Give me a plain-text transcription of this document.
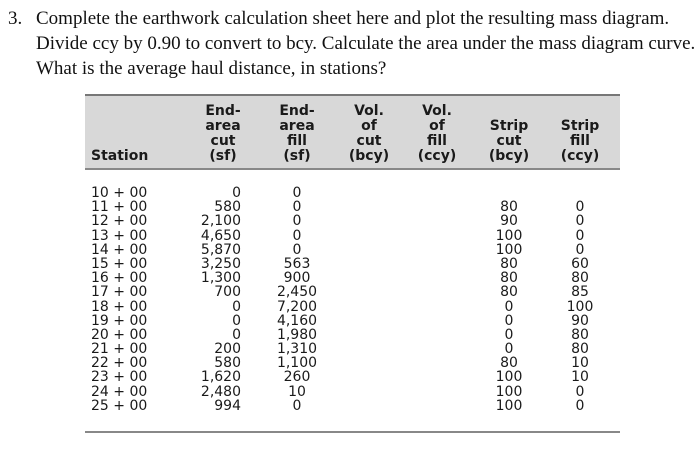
3. Complete the earthwork calculation sheet here and plot the resulting mass diagram.
Divide ccy by 0.90 to convert to bcy. Calculate the area under the mass diagram curve.
What is the average haul distance, in stations?
Station
End-
area
cut
(sf)
End-
area
fill
(sf)
Vol.
of
cut
(bcy)
Vol.
of
fill
(ccy)
Strip
cut
(bcy)
Strip
fill
(ccy)
10 + 00
11 + 00
12 + 00
13 + 00
14 + 00
15 + 00
16 + 00
17 + 00
18 + 00
19 + 00
20 + 00
21 + 00
22 + 00
23 + 00
24 + 00
25 + 00
0
580
2,100
4,650
5,870
3,250
1,300
700
0
0
0
200
580
1,620
2,480
994
0
0
0
0
0
563
900
2,450
7,200
4,160
1,980
1,310
1,100
260
10
0
80
90
100
100
80
80
80
0
0
0
0
80
100
100
100
0
0
0
0
60
80
85
100
90
80
80
10
10
0
0
